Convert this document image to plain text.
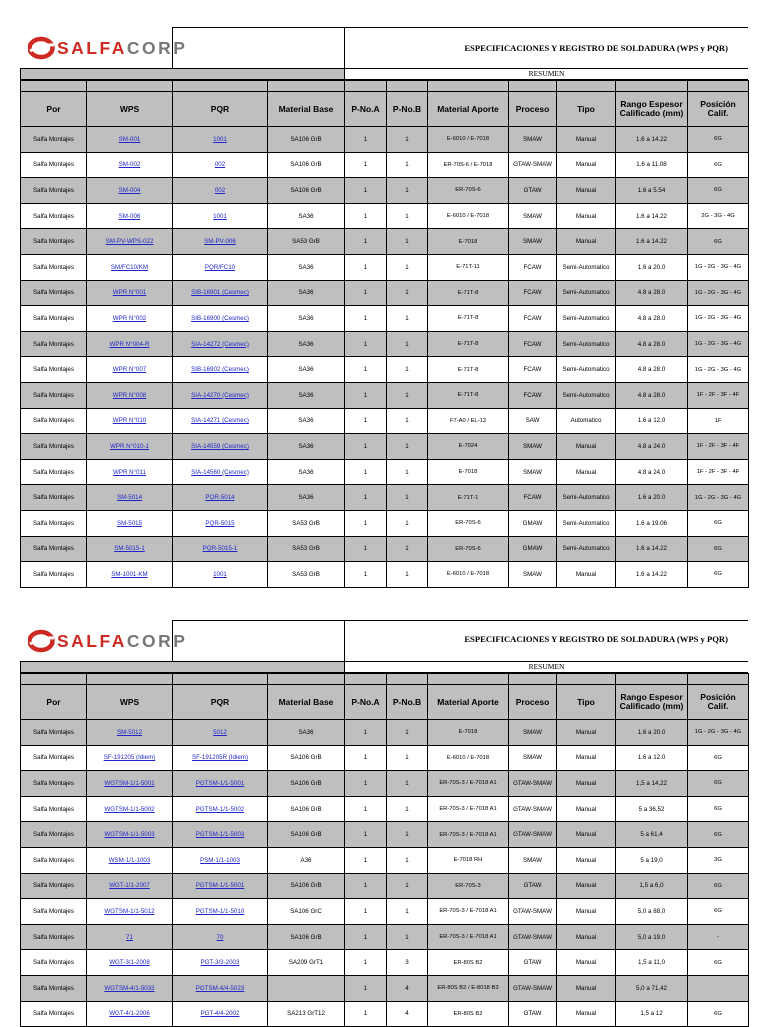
SALFACORP	ESPECIFICACIONES Y REGISTRO DE SOLDADURA (WPS y PQR)
RESUMEN

Por	WPS	PQR	Material Base	P-No.A	P-No.B	Material Aporte	Proceso	Tipo	Rango Espesor Calificado (mm)	Posición Calif.
Salfa Montajes	SM-001	1001	SA106 GrB	1	1	E-6010 / E-7018	SMAW	Manual	1.6 a 14.22	6G
Salfa Montajes	SM-002	002	SA106 GrB	1	1	ER-70S-6 / E-7018	GTAW-SMAW	Manual	1.6 a 11.08	6G
Salfa Montajes	SM-004	002	SA106 GrB	1	1	ER-70S-6	GTAW	Manual	1.6 a 5.54	6G
Salfa Montajes	SM-006	1001	SA36	1	1	E-6010 / E-7018	SMAW	Manual	1.6 a 14.22	2G - 3G - 4G
Salfa Montajes	SM-PV-WPS-022	SM-PV-006	SA53 GrB	1	1	E-7018	SMAW	Manual	1.6 a 14.22	6G
Salfa Montajes	SM/FC10/KM	PQR/FC10	SA36	1	1	E-71T-11	FCAW	Semi-Automatico	1.6 a 20.0	1G - 2G - 3G - 4G
Salfa Montajes	WPR N°001	SIB-16901 (Cesmec)	SA36	1	1	E-71T-8	FCAW	Semi-Automatico	4.8 a 28.0	1G - 2G - 3G - 4G
Salfa Montajes	WPR N°002	SIB-16900 (Cesmec)	SA36	1	1	E-71T-8	FCAW	Semi-Automatico	4.8 a 28.0	1G - 2G - 3G - 4G
Salfa Montajes	WPR N°004-R	SIA-14272 (Cesmec)	SA36	1	1	E-71T-8	FCAW	Semi-Automatico	4.8 a 28.0	1G - 2G - 3G - 4G
Salfa Montajes	WPR N°007	SIB-16902 (Cesmec)	SA36	1	1	E-71T-8	FCAW	Semi-Automatico	4.8 a 28.0	1G - 2G - 3G - 4G
Salfa Montajes	WPR N°008	SIA-14270 (Cesmec)	SA36	1	1	E-71T-8	FCAW	Semi-Automatico	4.8 a 28.0	1F - 2F - 3F - 4F
Salfa Montajes	WPR N°010	SIA-14271 (Cesmec)	SA36	1	1	F7-A0 / EL-12	SAW	Automatico	1.6 a 12.0	1F
Salfa Montajes	WPR N°010-1	SIA-14559 (Cesmec)	SA36	1	1	E-7024	SMAW	Manual	4.8 a 24.0	1F - 2F - 3F - 4F
Salfa Montajes	WPR N°011	SIA-14560 (Cesmec)	SA36	1	1	E-7018	SMAW	Manual	4.8 a 24.0	1F - 2F - 3F - 4F
Salfa Montajes	SM-5014	PQR-5014	SA36	1	1	E-71T-1	FCAW	Semi-Automatico	1.6 a 20.0	1G - 2G - 3G - 4G
Salfa Montajes	SM-5015	PQR-5015	SA53 GrB	1	1	ER-70S-6	GMAW	Semi-Automatico	1.6 a 19.06	6G
Salfa Montajes	SM-5015-1	PQR-5015-1	SA53 GrB	1	1	ER-70S-6	GMAW	Semi-Automatico	1.6 a 14.22	6G
Salfa Montajes	SM-1001-KM	1001	SA53 GrB	1	1	E-6010 / E-7018	SMAW	Manual	1.6 a 14.22	6G
SALFACORP	ESPECIFICACIONES Y REGISTRO DE SOLDADURA (WPS y PQR)
RESUMEN

Por	WPS	PQR	Material Base	P-No.A	P-No.B	Material Aporte	Proceso	Tipo	Rango Espesor Calificado (mm)	Posición Calif.
Salfa Montajes	SM-5012	5012	SA36	1	1	E-7018	SMAW	Manual	1.6 a 20.0	1G - 2G - 3G - 4G
Salfa Montajes	SF-191205 (Idiem)	SF-191205R (Idiem)	SA106 GrB	1	1	E-6010 / E-7018	SMAW	Manual	1.6 a 12.0	6G
Salfa Montajes	WGTSM-1/1-5001	PGTSM-1/1-5001	SA106 GrB	1	1	ER-70S-3 / E-7018 A1	GTAW-SMAW	Manual	1,5 a 14,22	6G
Salfa Montajes	WGTSM-1/1-5002	PGTSM-1/1-5002	SA106 GrB	1	1	ER-70S-3 / E-7018 A1	GTAW-SMAW	Manual	5 a 36,52	6G
Salfa Montajes	WGTSM-1/1-5003	PGTSM-1/1-5003	SA106 GrB	1	1	ER-70S-3 / E-7018 A1	GTAW-SMAW	Manual	5 a 61,4	6G
Salfa Montajes	WSM-1/1-1003	PSM-1/1-1003	A36	1	1	E-7018 RH	SMAW	Manual	5 a 19,0	3G
Salfa Montajes	WGT-1/1-2007	PGTSM-1/1-5001	SA106 GrB	1	1	ER-70S-3	GTAW	Manual	1,5 a 6,0	6G
Salfa Montajes	WGTSM-1/1-5012	PGTSM-1/1-5010	SA106 GrC	1	1	ER-70S-3 / E-7018 A1	GTAW-SMAW	Manual	5,0 a 88,0	6G
Salfa Montajes	71	70	SA106 GrB	1	1	ER-70S-3 / E-7018 A1	GTAW-SMAW	Manual	5,0 a 19,0	-
Salfa Montajes	WGT-3/1-2008	PGT-3/3-2003	SA209 GrT1	1	3	ER-80S B2	GTAW	Manual	1,5 a 11,0	6G
Salfa Montajes	WGTSM-4/1-5033	PGTSM-4/4-5023		1	4	ER-80S B2 / E-8018 B3	GTAW-SMAW	Manual	5,0 a 71,42	
Salfa Montajes	WGT-4/1-2006	PGT-4/4-2002	SA213 GrT12	1	4	ER-80S B2	GTAW	Manual	1,5 a 12	6G
